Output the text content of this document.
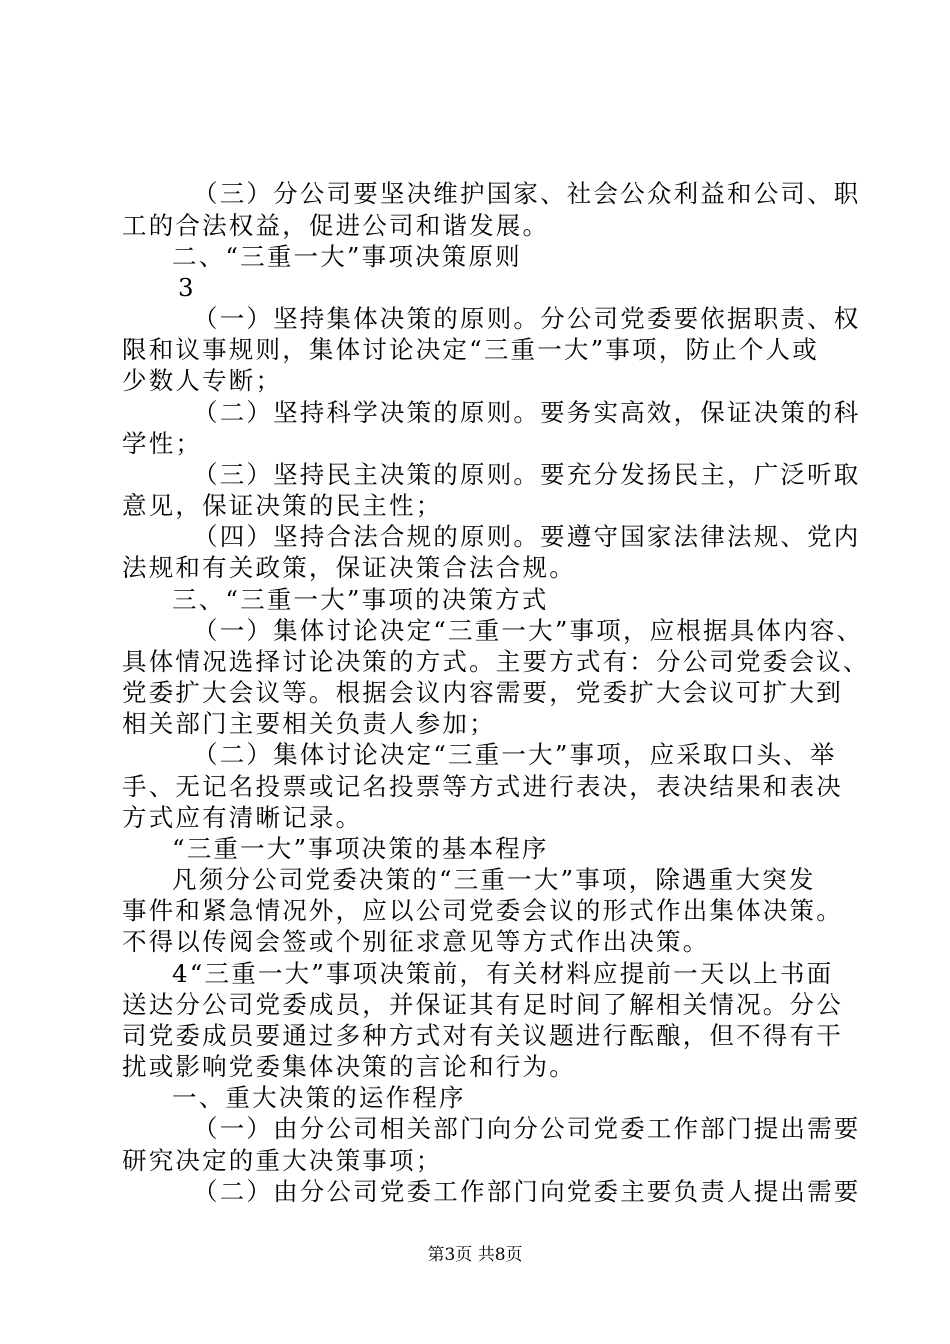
（三）分公司要坚决维护国家、社会公众利益和公司、职
工的合法权益，促进公司和谐发展。
二、“三重一大”事项决策原则
3
（一）坚持集体决策的原则。分公司党委要依据职责、权
限和议事规则，集体讨论决定“三重一大”事项，防止个人或
少数人专断；
（二）坚持科学决策的原则。要务实高效，保证决策的科
学性；
（三）坚持民主决策的原则。要充分发扬民主，广泛听取
意见，保证决策的民主性；
（四）坚持合法合规的原则。要遵守国家法律法规、党内
法规和有关政策，保证决策合法合规。
三、“三重一大”事项的决策方式
（一）集体讨论决定“三重一大”事项，应根据具体内容、
具体情况选择讨论决策的方式。主要方式有：分公司党委会议、
党委扩大会议等。根据会议内容需要，党委扩大会议可扩大到
相关部门主要相关负责人参加；
（二）集体讨论决定“三重一大”事项，应采取口头、举
手、无记名投票或记名投票等方式进行表决，表决结果和表决
方式应有清晰记录。
“三重一大”事项决策的基本程序
凡须分公司党委决策的“三重一大”事项，除遇重大突发
事件和紧急情况外，应以公司党委会议的形式作出集体决策。
不得以传阅会签或个别征求意见等方式作出决策。
4“三重一大”事项决策前，有关材料应提前一天以上书面
送达分公司党委成员，并保证其有足时间了解相关情况。分公
司党委成员要通过多种方式对有关议题进行酝酿，但不得有干
扰或影响党委集体决策的言论和行为。
一、重大决策的运作程序
（一）由分公司相关部门向分公司党委工作部门提出需要
研究决定的重大决策事项；
（二）由分公司党委工作部门向党委主要负责人提出需要
第3页 共8页
